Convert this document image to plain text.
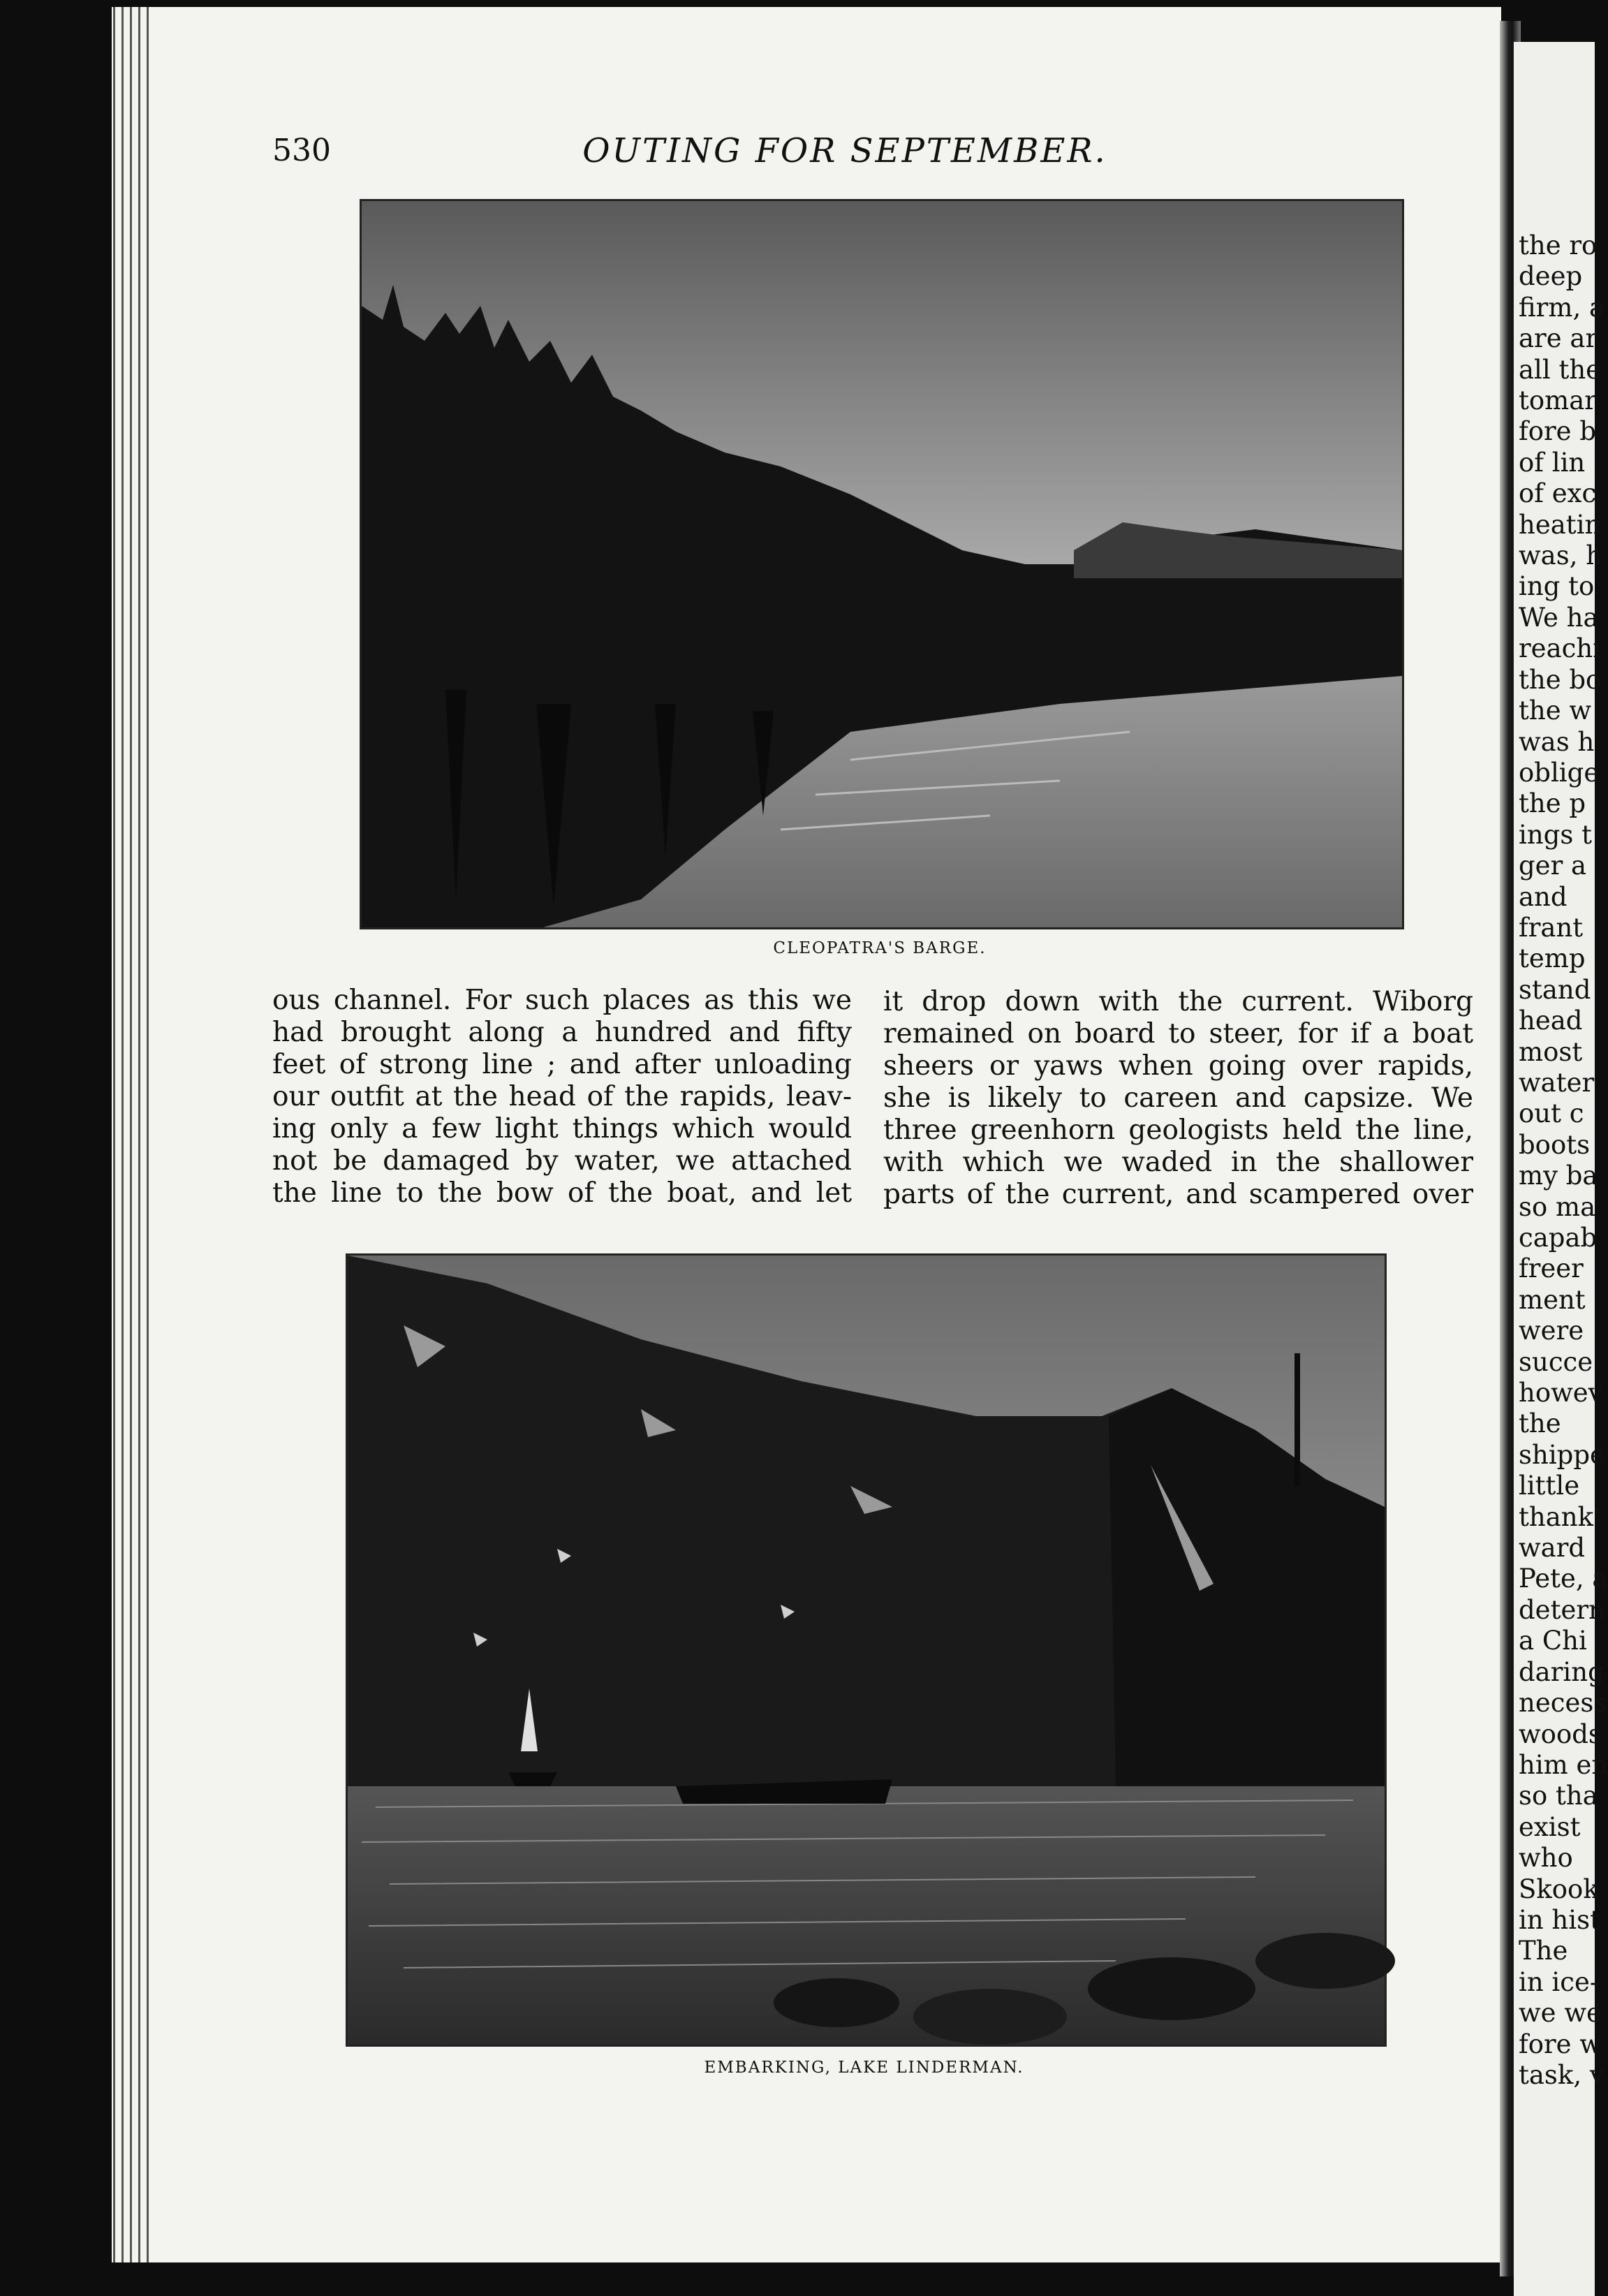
530	OUTING FOR SEPTEMBER.
CLEOPATRA'S BARGE.
ous channel. For such places as this we
had brought along a hundred and fifty
feet of strong line ; and after unloading
our outfit at the head of the rapids, leav-
ing only a few light things which would
not be damaged by water, we attached
the line to the bow of the boat, and let
it drop down with the current. Wiborg
remained on board to steer, for if a boat
sheers or yaws when going over rapids,
she is likely to careen and capsize. We
three greenhorn geologists held the line,
with which we waded in the shallower
parts of the current, and scampered over
EMBARKING, LAKE LINDERMAN.
the ro
deep
firm, a
are ar
all the
tomar
fore b
of lin
of exc
heatin
was, h
ing to
We ha
reachi
the bo
the w
was h
oblige
the p
ings t
ger a
and
frant
temp
stand
head
most
water
out c
boots
my ba
so ma
capab
freer
ment
were
succe
howev
the
shippe
little
thank
ward
Pete, a
detern
a Chi
daring
necess
woods
him en
so tha
exist
who
Skook
in hist
The
in ice-
we we
fore w
task, v
